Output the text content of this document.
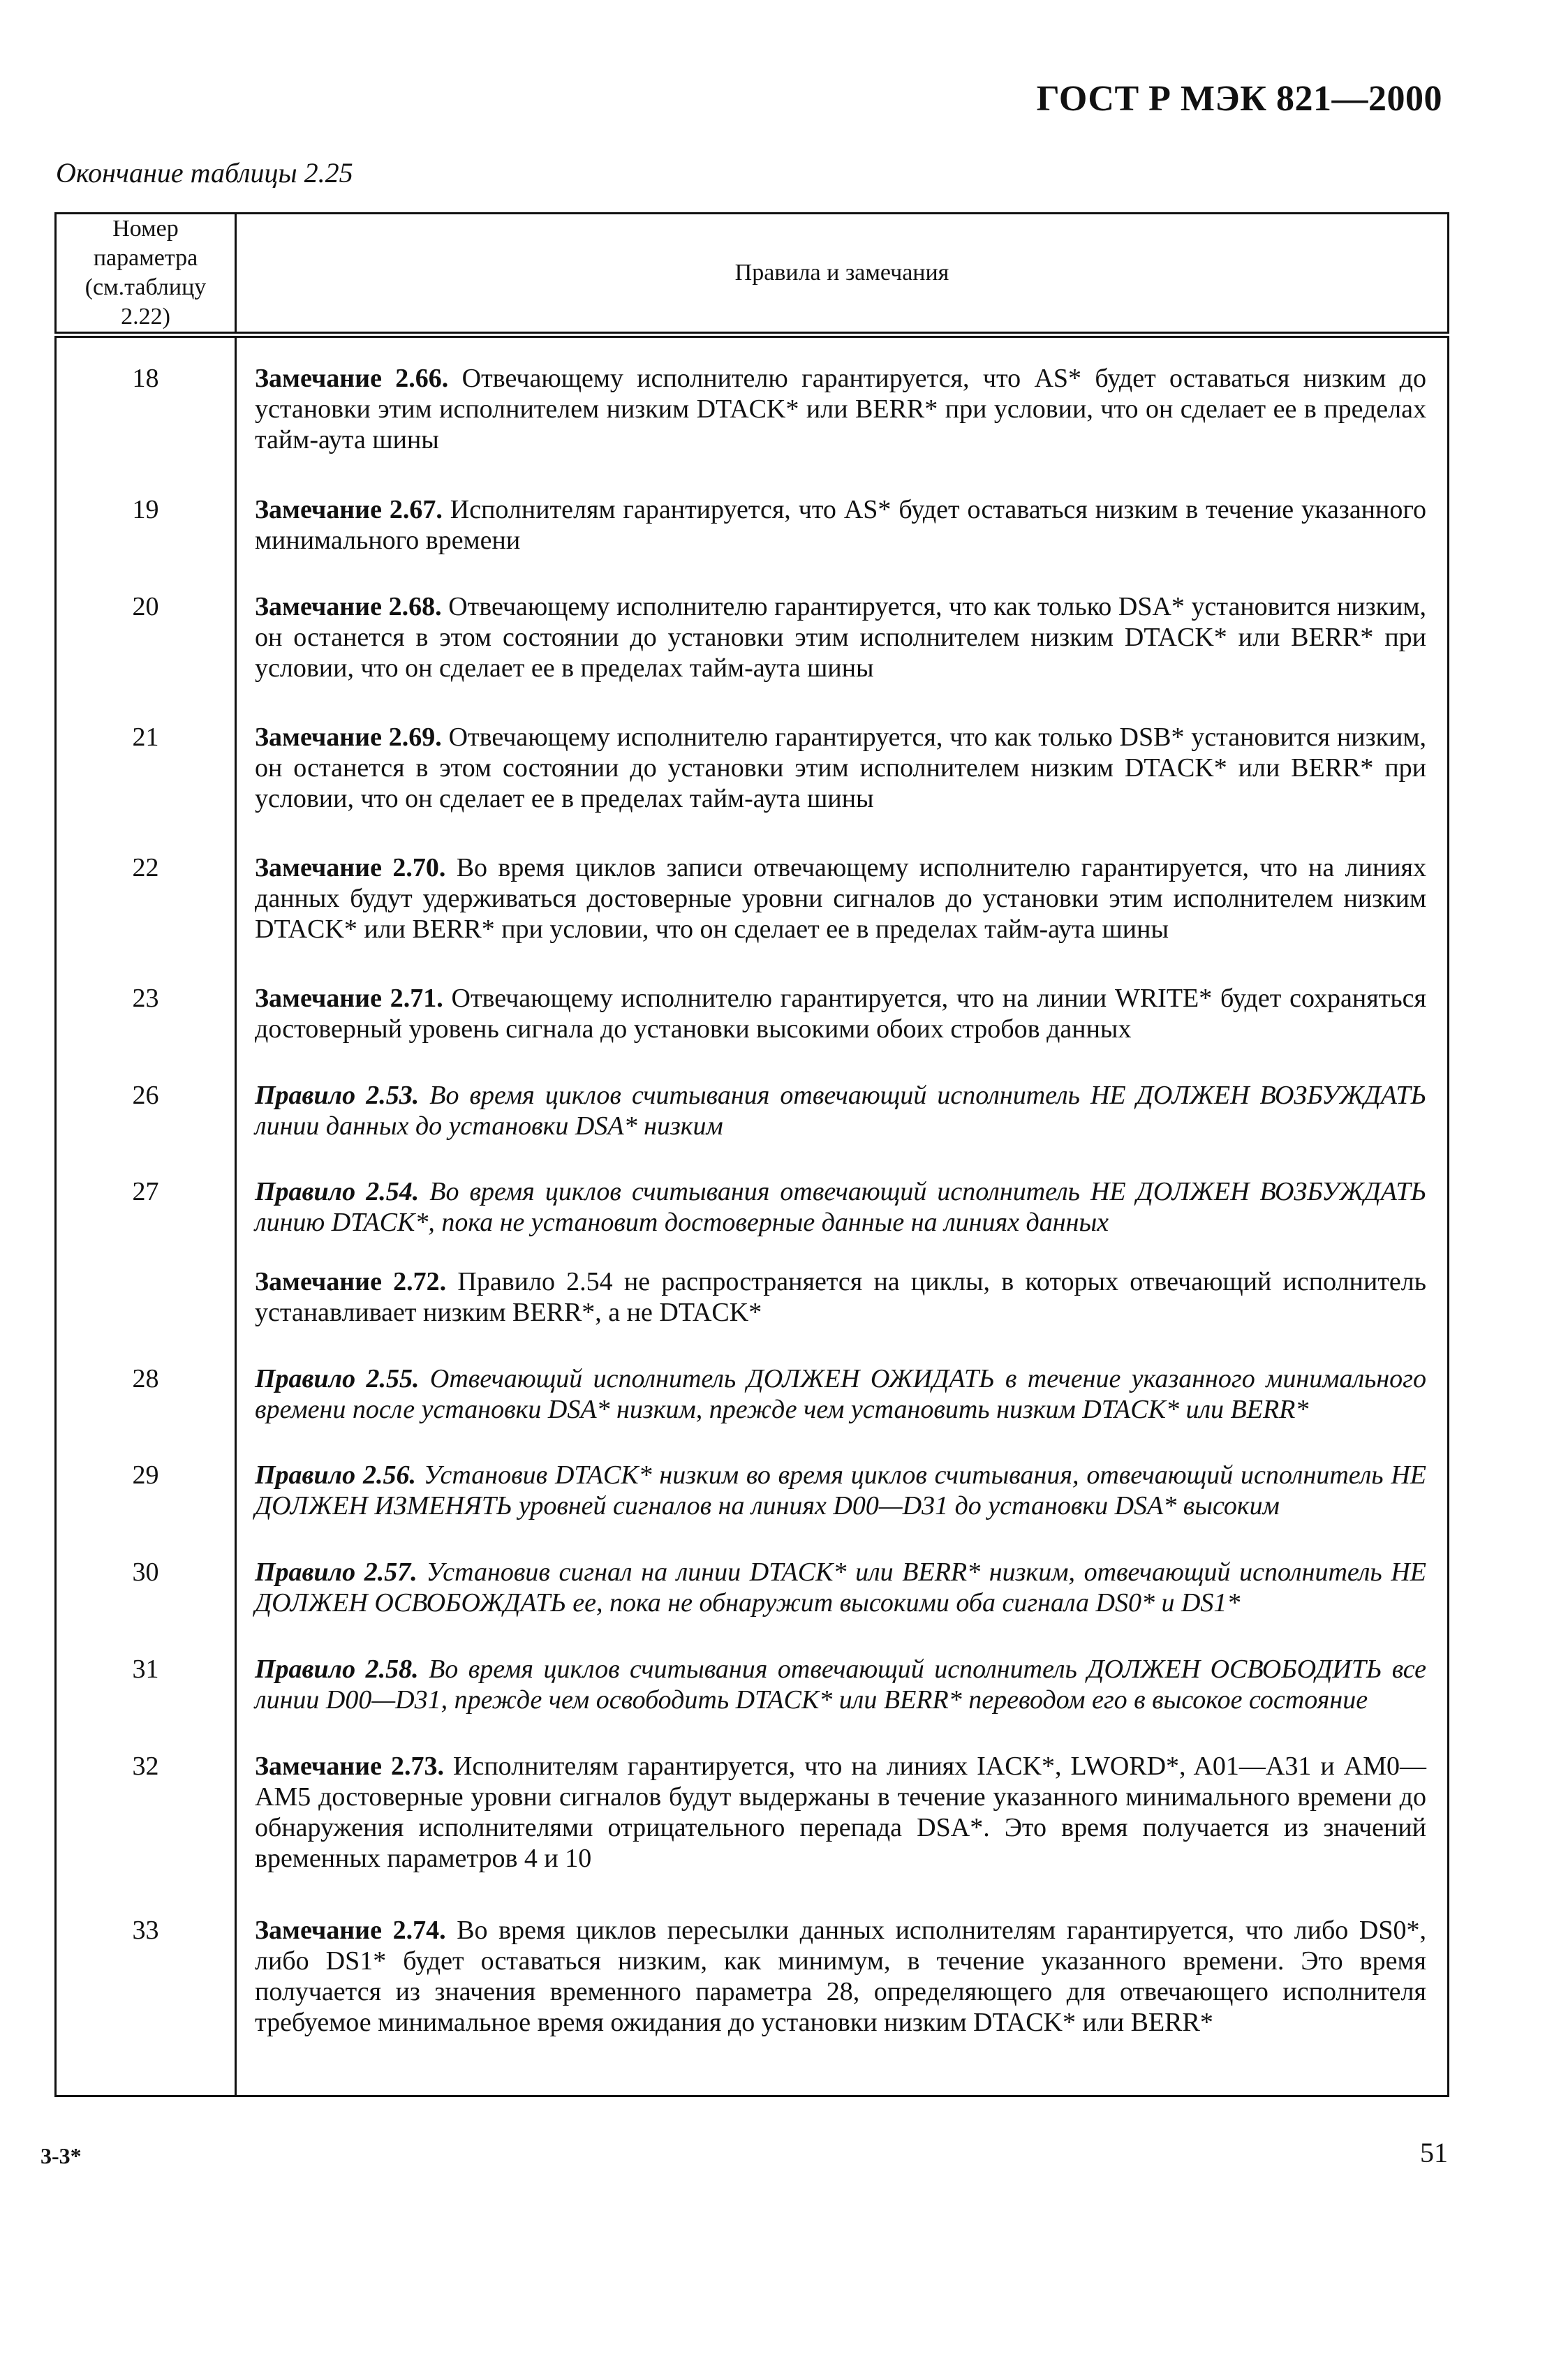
ГОСТ Р МЭК 821—2000
Окончание таблицы 2.25
Номер параметра (см.таблицу 2.22)	Правила и замечания
18	Замечание 2.66. Отвечающему исполнителю гарантируется, что AS* будет оставаться низким до установки этим исполнителем низким DTACK* или BERR* при условии, что он сделает ее в пределах тайм-аута шины
19	Замечание 2.67. Исполнителям гарантируется, что AS* будет оставаться низким в течение указанного минимального времени
20	Замечание 2.68. Отвечающему исполнителю гарантируется, что как только DSA* установится низким, он останется в этом состоянии до установки этим исполнителем низким DTACK* или BERR* при условии, что он сделает ее в пределах тайм-аута шины
21	Замечание 2.69. Отвечающему исполнителю гарантируется, что как только DSB* установится низким, он останется в этом состоянии до установки этим исполнителем низким DTACK* или BERR* при условии, что он сделает ее в пределах тайм-аута шины
22	Замечание 2.70. Во время циклов записи отвечающему исполнителю гарантируется, что на линиях данных будут удерживаться достоверные уровни сигналов до установки этим исполнителем низким DTACK* или BERR* при условии, что он сделает ее в пределах тайм-аута шины
23	Замечание 2.71. Отвечающему исполнителю гарантируется, что на линии WRITE* будет сохраняться достоверный уровень сигнала до установки высокими обоих стробов данных
26	Правило 2.53. Во время циклов считывания отвечающий исполнитель НЕ ДОЛЖЕН ВОЗБУЖДАТЬ линии данных до установки DSA* низким
27	Правило 2.54. Во время циклов считывания отвечающий исполнитель НЕ ДОЛЖЕН ВОЗБУЖДАТЬ линию DTACK*, пока не установит достоверные данные на линиях данных
	Замечание 2.72. Правило 2.54 не распространяется на циклы, в которых отвечающий исполнитель устанавливает низким BERR*, а не DTACK*
28	Правило 2.55. Отвечающий исполнитель ДОЛЖЕН ОЖИДАТЬ в течение указанного минимального времени после установки DSA* низким, прежде чем установить низким DTACK* или BERR*
29	Правило 2.56. Установив DTACK* низким во время циклов считывания, отвечающий исполнитель НЕ ДОЛЖЕН ИЗМЕНЯТЬ уровней сигналов на линиях D00—D31 до установки DSA* высоким
30	Правило 2.57. Установив сигнал на линии DTACK* или BERR* низким, отвечающий исполнитель НЕ ДОЛЖЕН ОСВОБОЖДАТЬ ее, пока не обнаружит высокими оба сигнала DS0* и DS1*
31	Правило 2.58. Во время циклов считывания отвечающий исполнитель ДОЛЖЕН ОСВОБОДИТЬ все линии D00—D31, прежде чем освободить DTACK* или BERR* переводом его в высокое состояние
32	Замечание 2.73. Исполнителям гарантируется, что на линиях IACK*, LWORD*, A01—A31 и AM0—AM5 достоверные уровни сигналов будут выдержаны в течение указанного минимального времени до обнаружения исполнителями отрицательного перепада DSA*. Это время получается из значений временных параметров 4 и 10
33	Замечание 2.74. Во время циклов пересылки данных исполнителям гарантируется, что либо DS0*, либо DS1* будет оставаться низким, как минимум, в течение указанного времени. Это время получается из значения временного параметра 28, определяющего для отвечающего исполнителя требуемое минимальное время ожидания до установки низким DTACK* или BERR*

3-3*	51
